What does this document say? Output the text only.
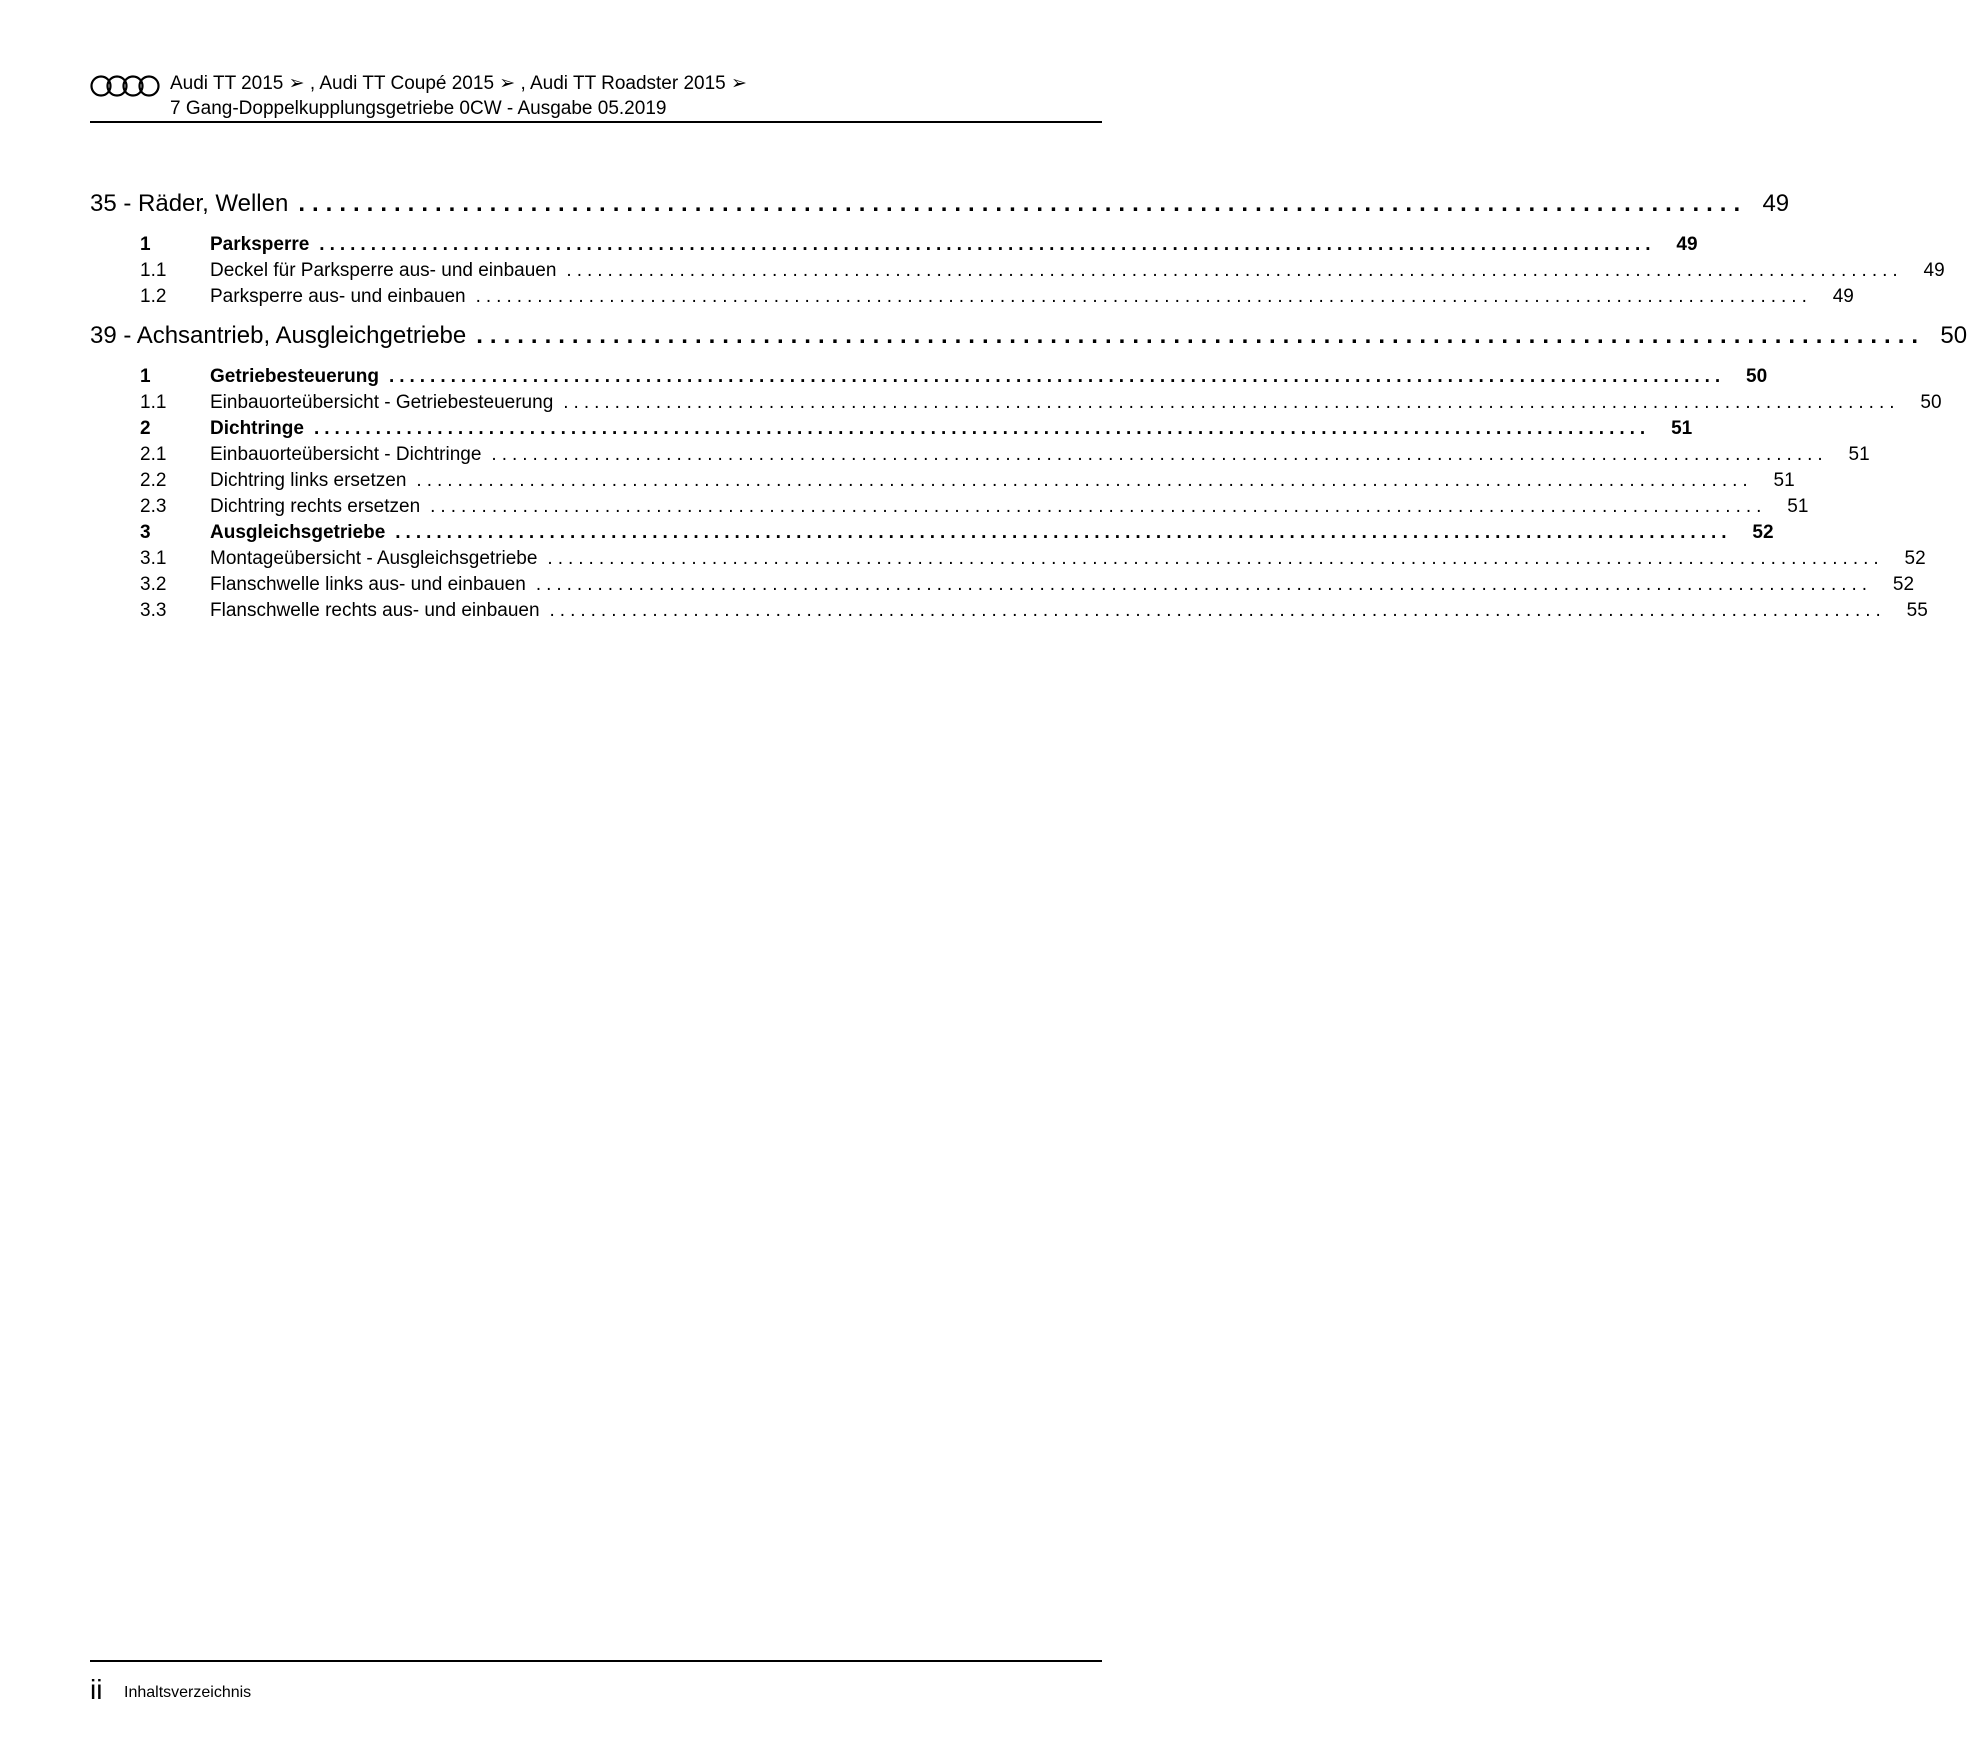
Audi TT 2015 ➢ , Audi TT Coupé 2015 ➢ , Audi TT Roadster 2015 ➢
7 Gang-Doppelkupplungsgetriebe 0CW - Ausgabe 05.2019
35 - Räder, Wellen .......................................................................................................... 49
1	Parksperre ..................................................................................................................................	49
1.1	Deckel für Parksperre aus- und einbauen ..................................................................................................................................	49
1.2	Parksperre aus- und einbauen ..................................................................................................................................	49
39 - Achsantrieb, Ausgleichgetriebe .......................................................................................................... 50
1	Getriebesteuerung ..................................................................................................................................	50
1.1	Einbauorteübersicht - Getriebesteuerung ..................................................................................................................................	50
2	Dichtringe ..................................................................................................................................	51
2.1	Einbauorteübersicht - Dichtringe ..................................................................................................................................	51
2.2	Dichtring links ersetzen ..................................................................................................................................	51
2.3	Dichtring rechts ersetzen ..................................................................................................................................	51
3	Ausgleichsgetriebe ..................................................................................................................................	52
3.1	Montageübersicht - Ausgleichsgetriebe ..................................................................................................................................	52
3.2	Flanschwelle links aus- und einbauen ..................................................................................................................................	52
3.3	Flanschwelle rechts aus- und einbauen ..................................................................................................................................	55
ii Inhaltsverzeichnis
